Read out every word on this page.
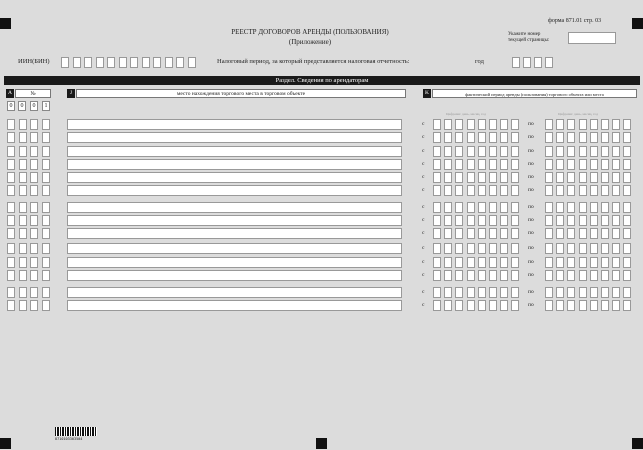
РЕЕСТР ДОГОВОРОВ АРЕНДЫ (ПОЛЬЗОВАНИЯ)
(Приложение)
форма 871.01 стр. 03
Укажите номер
текущей страницы:
ИИН(БИН)	Налоговый период, за который представляется налоговая отчетность:	год
Раздел. Сведения по арендаторам
A	№	J	место нахождения торгового места в торговом объекте	K	фактический период аренды (пользования) торгового объекта или места
0	0	0	1
Цифрами: день, месяц, год	Цифрами: день, месяц, год
с	по
с	по
с	по
с	по
с	по
с	по
с	по
с	по
с	по
с	по
с	по
с	по
с	по
с	по
8710103303504
